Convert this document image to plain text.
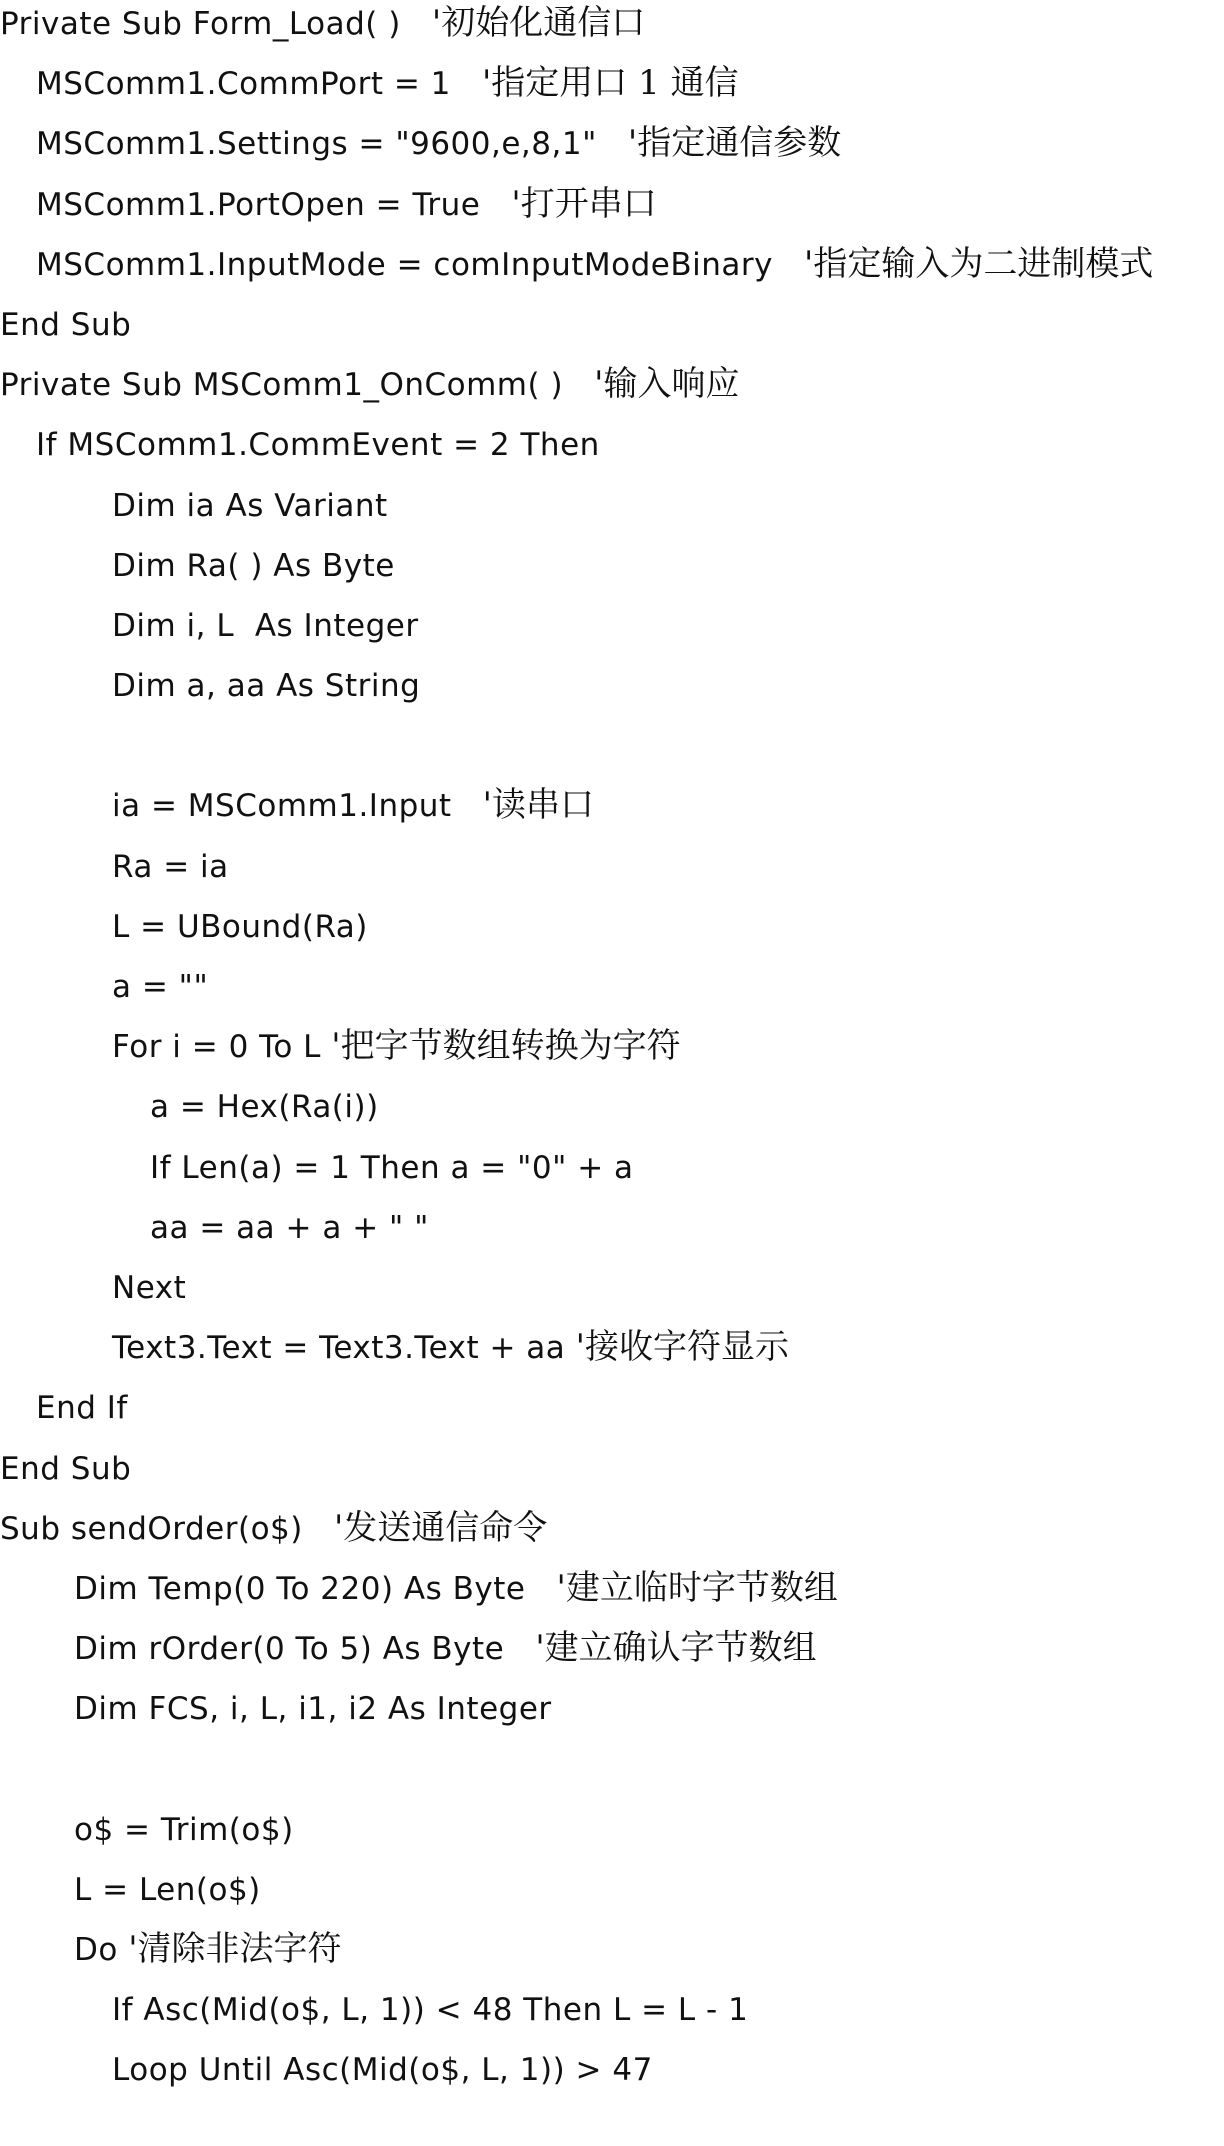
Private Sub Form_Load( )   '初始化通信口
MSComm1.CommPort = 1   '指定用口 1 通信
MSComm1.Settings = "9600,e,8,1"   '指定通信参数
MSComm1.PortOpen = True   '打开串口
MSComm1.InputMode = comInputModeBinary   '指定输入为二进制模式
End Sub
Private Sub MSComm1_OnComm( )   '输入响应
If MSComm1.CommEvent = 2 Then
Dim ia As Variant
Dim Ra( ) As Byte
Dim i, L  As Integer
Dim a, aa As String
ia = MSComm1.Input   '读串口
Ra = ia
L = UBound(Ra)
a = ""
For i = 0 To L '把字节数组转换为字符
a = Hex(Ra(i))
If Len(a) = 1 Then a = "0" + a
aa = aa + a + " "
Next
Text3.Text = Text3.Text + aa '接收字符显示
End If
End Sub
Sub sendOrder(o$)   '发送通信命令
Dim Temp(0 To 220) As Byte   '建立临时字节数组
Dim rOrder(0 To 5) As Byte   '建立确认字节数组
Dim FCS, i, L, i1, i2 As Integer
o$ = Trim(o$)
L = Len(o$)
Do '清除非法字符
If Asc(Mid(o$, L, 1)) < 48 Then L = L - 1
Loop Until Asc(Mid(o$, L, 1)) > 47
